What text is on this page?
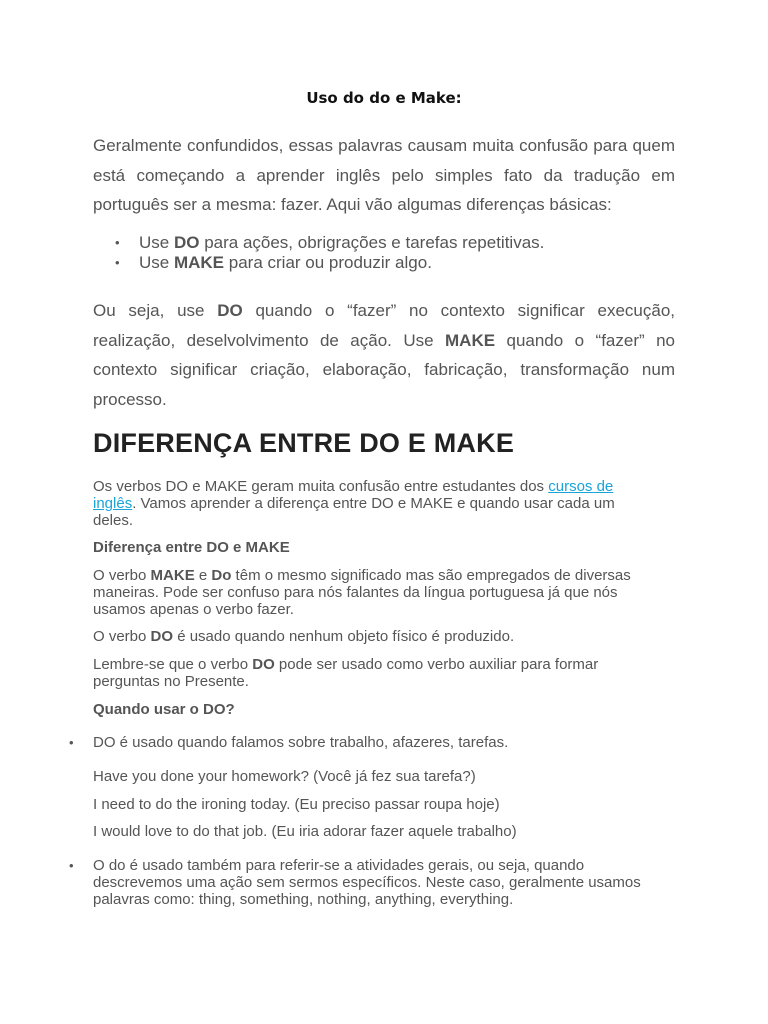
Uso do do e Make:

Geralmente confundidos, essas palavras causam muita confusão para quem está começando a aprender inglês pelo simples fato da tradução em português ser a mesma: fazer. Aqui vão algumas diferenças básicas:

• Use DO para ações, obrigrações e tarefas repetitivas.
• Use MAKE para criar ou produzir algo.

Ou seja, use DO quando o “fazer” no contexto significar execução, realização, deselvolvimento de ação. Use MAKE quando o “fazer” no contexto significar criação, elaboração, fabricação, transformação num processo.

DIFERENÇA ENTRE DO E MAKE

Os verbos DO e MAKE geram muita confusão entre estudantes dos cursos de inglês. Vamos aprender a diferença entre DO e MAKE e quando usar cada um deles.

Diferença entre DO e MAKE

O verbo MAKE e Do têm o mesmo significado mas são empregados de diversas maneiras. Pode ser confuso para nós falantes da língua portuguesa já que nós usamos apenas o verbo fazer.

O verbo DO é usado quando nenhum objeto físico é produzido.

Lembre-se que o verbo DO pode ser usado como verbo auxiliar para formar perguntas no Presente.

Quando usar o DO?

• DO é usado quando falamos sobre trabalho, afazeres, tarefas.

Have you done your homework? (Você já fez sua tarefa?)

I need to do the ironing today. (Eu preciso passar roupa hoje)

I would love to do that job. (Eu iria adorar fazer aquele trabalho)

• O do é usado também para referir-se a atividades gerais, ou seja, quando descrevemos uma ação sem sermos específicos. Neste caso, geralmente usamos palavras como: thing, something, nothing, anything, everything.
